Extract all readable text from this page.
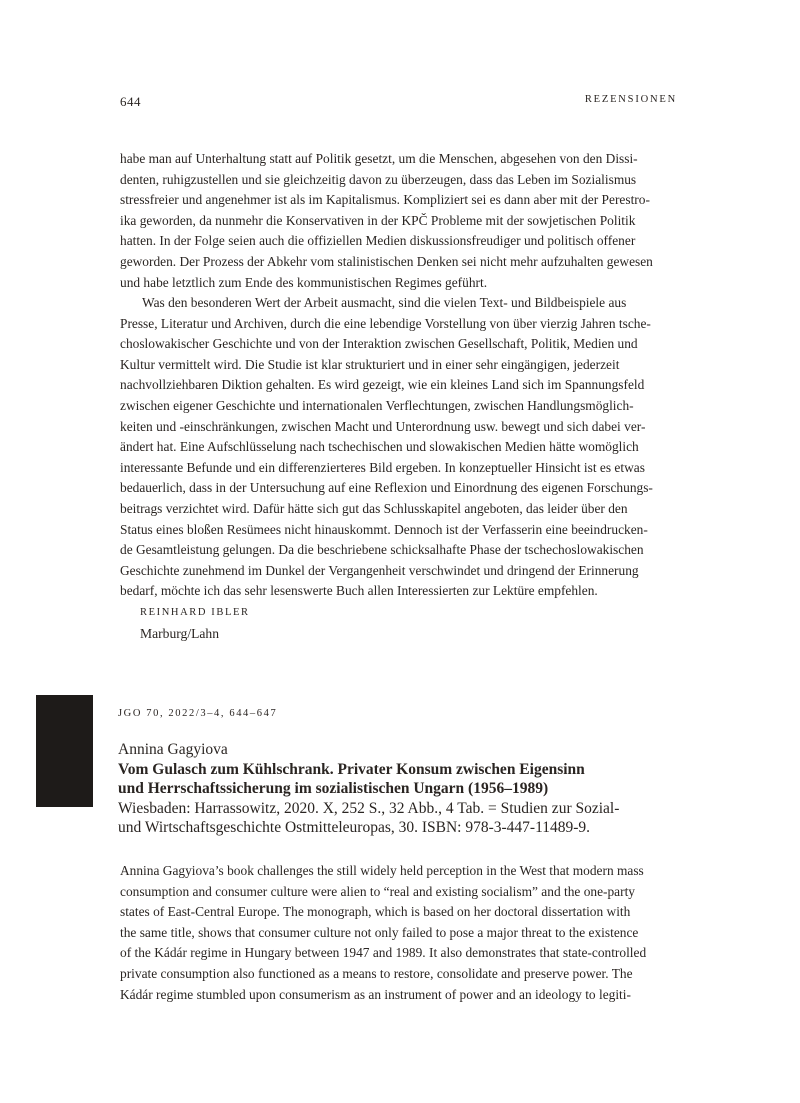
644	REZENSIONEN

habe man auf Unterhaltung statt auf Politik gesetzt, um die Menschen, abgesehen von den Dissi-
denten, ruhigzustellen und sie gleichzeitig davon zu überzeugen, dass das Leben im Sozialismus
stressfreier und angenehmer ist als im Kapitalismus. Kompliziert sei es dann aber mit der Perestro-
ika geworden, da nunmehr die Konservativen in der KPČ Probleme mit der sowjetischen Politik
hatten. In der Folge seien auch die offiziellen Medien diskussionsfreudiger und politisch offener
geworden. Der Prozess der Abkehr vom stalinistischen Denken sei nicht mehr aufzuhalten gewesen
und habe letztlich zum Ende des kommunistischen Regimes geführt.

Was den besonderen Wert der Arbeit ausmacht, sind die vielen Text- und Bildbeispiele aus
Presse, Literatur und Archiven, durch die eine lebendige Vorstellung von über vierzig Jahren tsche-
choslowakischer Geschichte und von der Interaktion zwischen Gesellschaft, Politik, Medien und
Kultur vermittelt wird. Die Studie ist klar strukturiert und in einer sehr eingängigen, jederzeit
nachvollziehbaren Diktion gehalten. Es wird gezeigt, wie ein kleines Land sich im Spannungsfeld
zwischen eigener Geschichte und internationalen Verflechtungen, zwischen Handlungsmöglich-
keiten und -einschränkungen, zwischen Macht und Unterordnung usw. bewegt und sich dabei ver-
ändert hat. Eine Aufschlüsselung nach tschechischen und slowakischen Medien hätte womöglich
interessante Befunde und ein differenzierteres Bild ergeben. In konzeptueller Hinsicht ist es etwas
bedauerlich, dass in der Untersuchung auf eine Reflexion und Einordnung des eigenen Forschungs-
beitrags verzichtet wird. Dafür hätte sich gut das Schlusskapitel angeboten, das leider über den
Status eines bloßen Resümees nicht hinauskommt. Dennoch ist der Verfasserin eine beeindrucken-
de Gesamtleistung gelungen. Da die beschriebene schicksalhafte Phase der tschechoslowakischen
Geschichte zunehmend im Dunkel der Vergangenheit verschwindet und dringend der Erinnerung
bedarf, möchte ich das sehr lesenswerte Buch allen Interessierten zur Lektüre empfehlen.

REINHARD IBLER
Marburg/Lahn
JGO 70, 2022/3–4, 644–647
Annina Gagyiova
Vom Gulasch zum Kühlschrank. Privater Konsum zwischen Eigensinn
und Herrschaftssicherung im sozialistischen Ungarn (1956–1989)
Wiesbaden: Harrassowitz, 2020. X, 252 S., 32 Abb., 4 Tab. = Studien zur Sozial-
und Wirtschaftsgeschichte Ostmitteleuropas, 30. ISBN: 978-3-447-11489-9.

Annina Gagyiova’s book challenges the still widely held perception in the West that modern mass
consumption and consumer culture were alien to “real and existing socialism” and the one-party
states of East-Central Europe. The monograph, which is based on her doctoral dissertation with
the same title, shows that consumer culture not only failed to pose a major threat to the existence
of the Kádár regime in Hungary between 1947 and 1989. It also demonstrates that state-controlled
private consumption also functioned as a means to restore, consolidate and preserve power. The
Kádár regime stumbled upon consumerism as an instrument of power and an ideology to legiti-
